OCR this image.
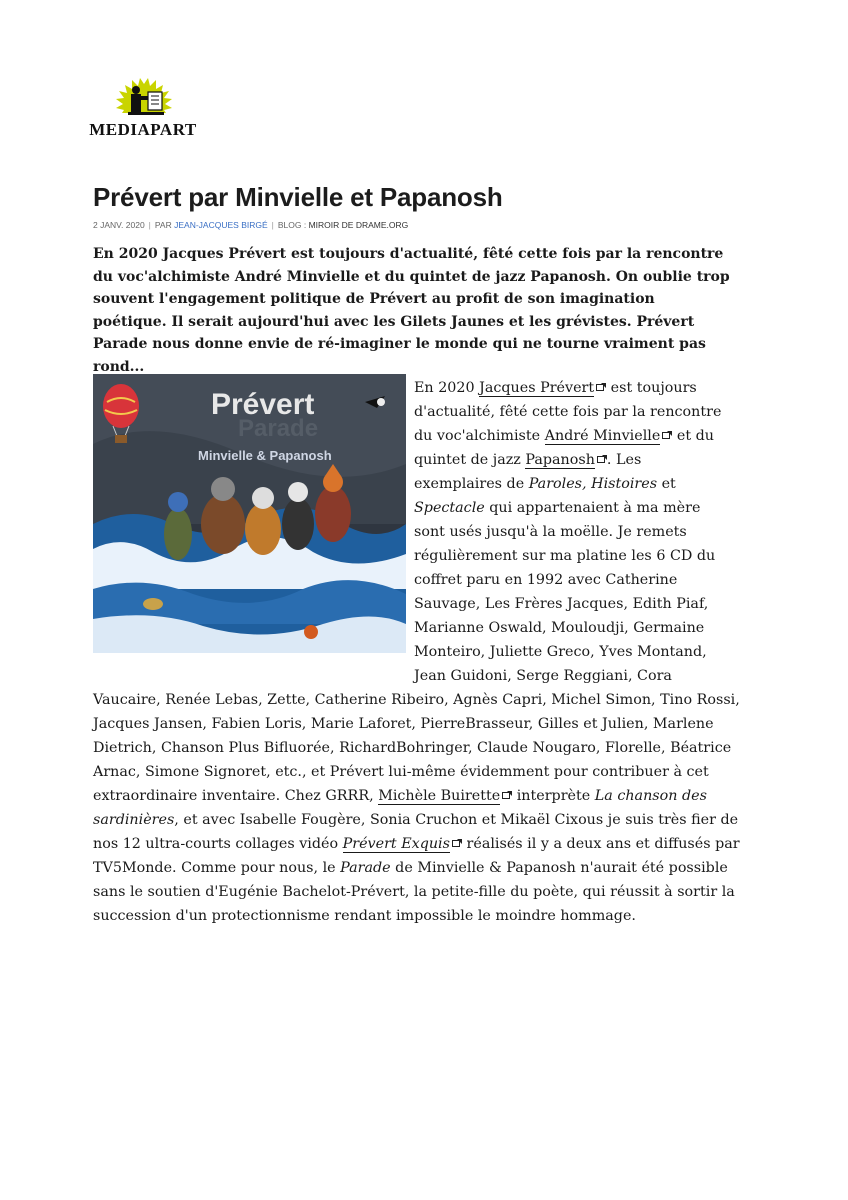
MEDIAPART
Prévert par Minvielle et Papanosh
2 JANV. 2020 | PAR JEAN-JACQUES BIRGÉ | BLOG : MIROIR DE DRAME.ORG

En 2020 Jacques Prévert est toujours d'actualité, fêté cette fois par la rencontre du voc'alchimiste André Minvielle et du quintet de jazz Papanosh. On oublie trop souvent l'engagement politique de Prévert au profit de son imagination poétique. Il serait aujourd'hui avec les Gilets Jaunes et les grévistes. Prévert Parade nous donne envie de ré-imaginer le monde qui ne tourne vraiment pas rond...

Prévert
Parade
Minvielle & Papanosh
En 2020 Jacques Prévert est toujours
d'actualité, fêté cette fois par la rencontre
du voc'alchimiste André Minvielle et du
quintet de jazz Papanosh . Les
exemplaires de Paroles, Histoires et
Spectacle qui appartenaient à ma mère
sont usés jusqu'à la moëlle. Je remets
régulièrement sur ma platine les 6 CD du
coffret paru en 1992 avec Catherine
Sauvage, Les Frères Jacques, Edith Piaf,
Marianne Oswald, Mouloudji, Germaine
Monteiro, Juliette Greco, Yves Montand,
Jean Guidoni, Serge Reggiani, Cora
Vaucaire, Renée Lebas, Zette, Catherine Ribeiro, Agnès Capri, Michel Simon, Tino Rossi,
Jacques Jansen, Fabien Loris, Marie Laforet, PierreBrasseur, Gilles et Julien, Marlene
Dietrich, Chanson Plus Bifluorée, RichardBohringer, Claude Nougaro, Florelle, Béatrice
Arnac, Simone Signoret, etc., et Prévert lui-même évidemment pour contribuer à cet
extraordinaire inventaire. Chez GRRR, Michèle Buirette interprète La chanson des
sardinières, et avec Isabelle Fougère, Sonia Cruchon et Mikaël Cixous je suis très fier de
nos 12 ultra-courts collages vidéo Prévert Exquis réalisés il y a deux ans et diffusés par
TV5Monde. Comme pour nous, le Parade de Minvielle & Papanosh n'aurait été possible
sans le soutien d'Eugénie Bachelot-Prévert, la petite-fille du poète, qui réussit à sortir la
succession d'un protectionnisme rendant impossible le moindre hommage.
